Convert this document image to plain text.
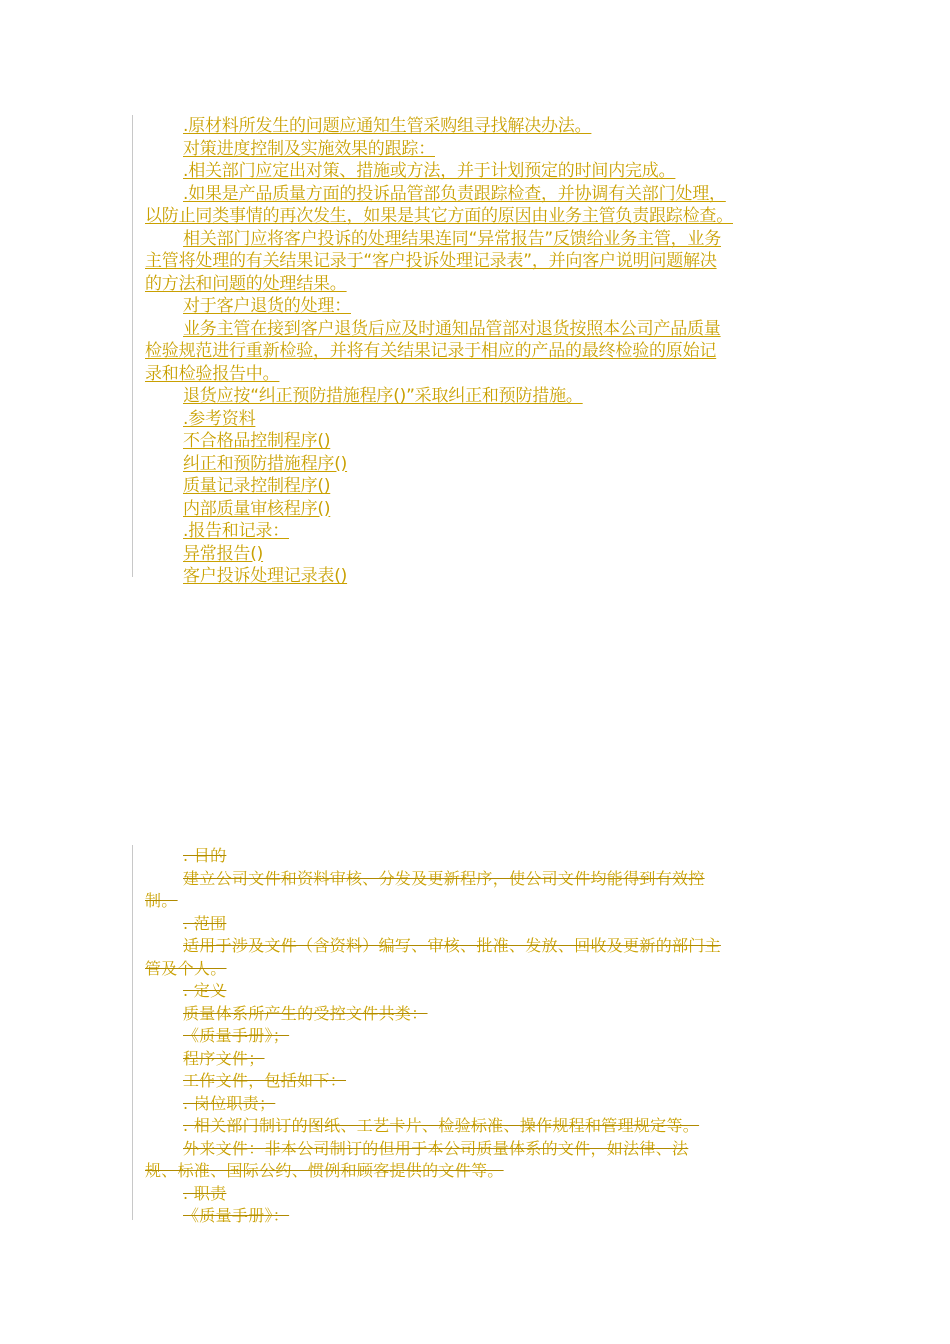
.原材料所发生的问题应通知生管采购组寻找解决办法。

对策进度控制及实施效果的跟踪：

.相关部门应定出对策、措施或方法，并于计划预定的时间内完成。

.如果是产品质量方面的投诉品管部负责跟踪检查，并协调有关部门处理，

以防止同类事情的再次发生，如果是其它方面的原因由业务主管负责跟踪检查。

相关部门应将客户投诉的处理结果连同“异常报告”反馈给业务主管，业务

主管将处理的有关结果记录于“客户投诉处理记录表”，并向客户说明问题解决

的方法和问题的处理结果。

对于客户退货的处理：

业务主管在接到客户退货后应及时通知品管部对退货按照本公司产品质量

检验规范进行重新检验，并将有关结果记录于相应的产品的最终检验的原始记

录和检验报告中。

退货应按“纠正预防措施程序()”采取纠正和预防措施。

.参考资料

不合格品控制程序()

纠正和预防措施程序()

质量记录控制程序()

内部质量审核程序()

.报告和记录：

异常报告()

客户投诉处理记录表()

. 目的

建立公司文件和资料审核、分发及更新程序，使公司文件均能得到有效控

制。

. 范围

适用于涉及文件（含资料）编写、审核、批准、发放、回收及更新的部门主

管及个人。

. 定义

质量体系所产生的受控文件共类：

《质量手册》；

程序文件；

工作文件，包括如下：

. 岗位职责；

. 相关部门制订的图纸、工艺卡片、检验标准、操作规程和管理规定等。

外来文件：非本公司制订的但用于本公司质量体系的文件，如法律、法

规、标准、国际公约、惯例和顾客提供的文件等。

. 职责

《质量手册》：
